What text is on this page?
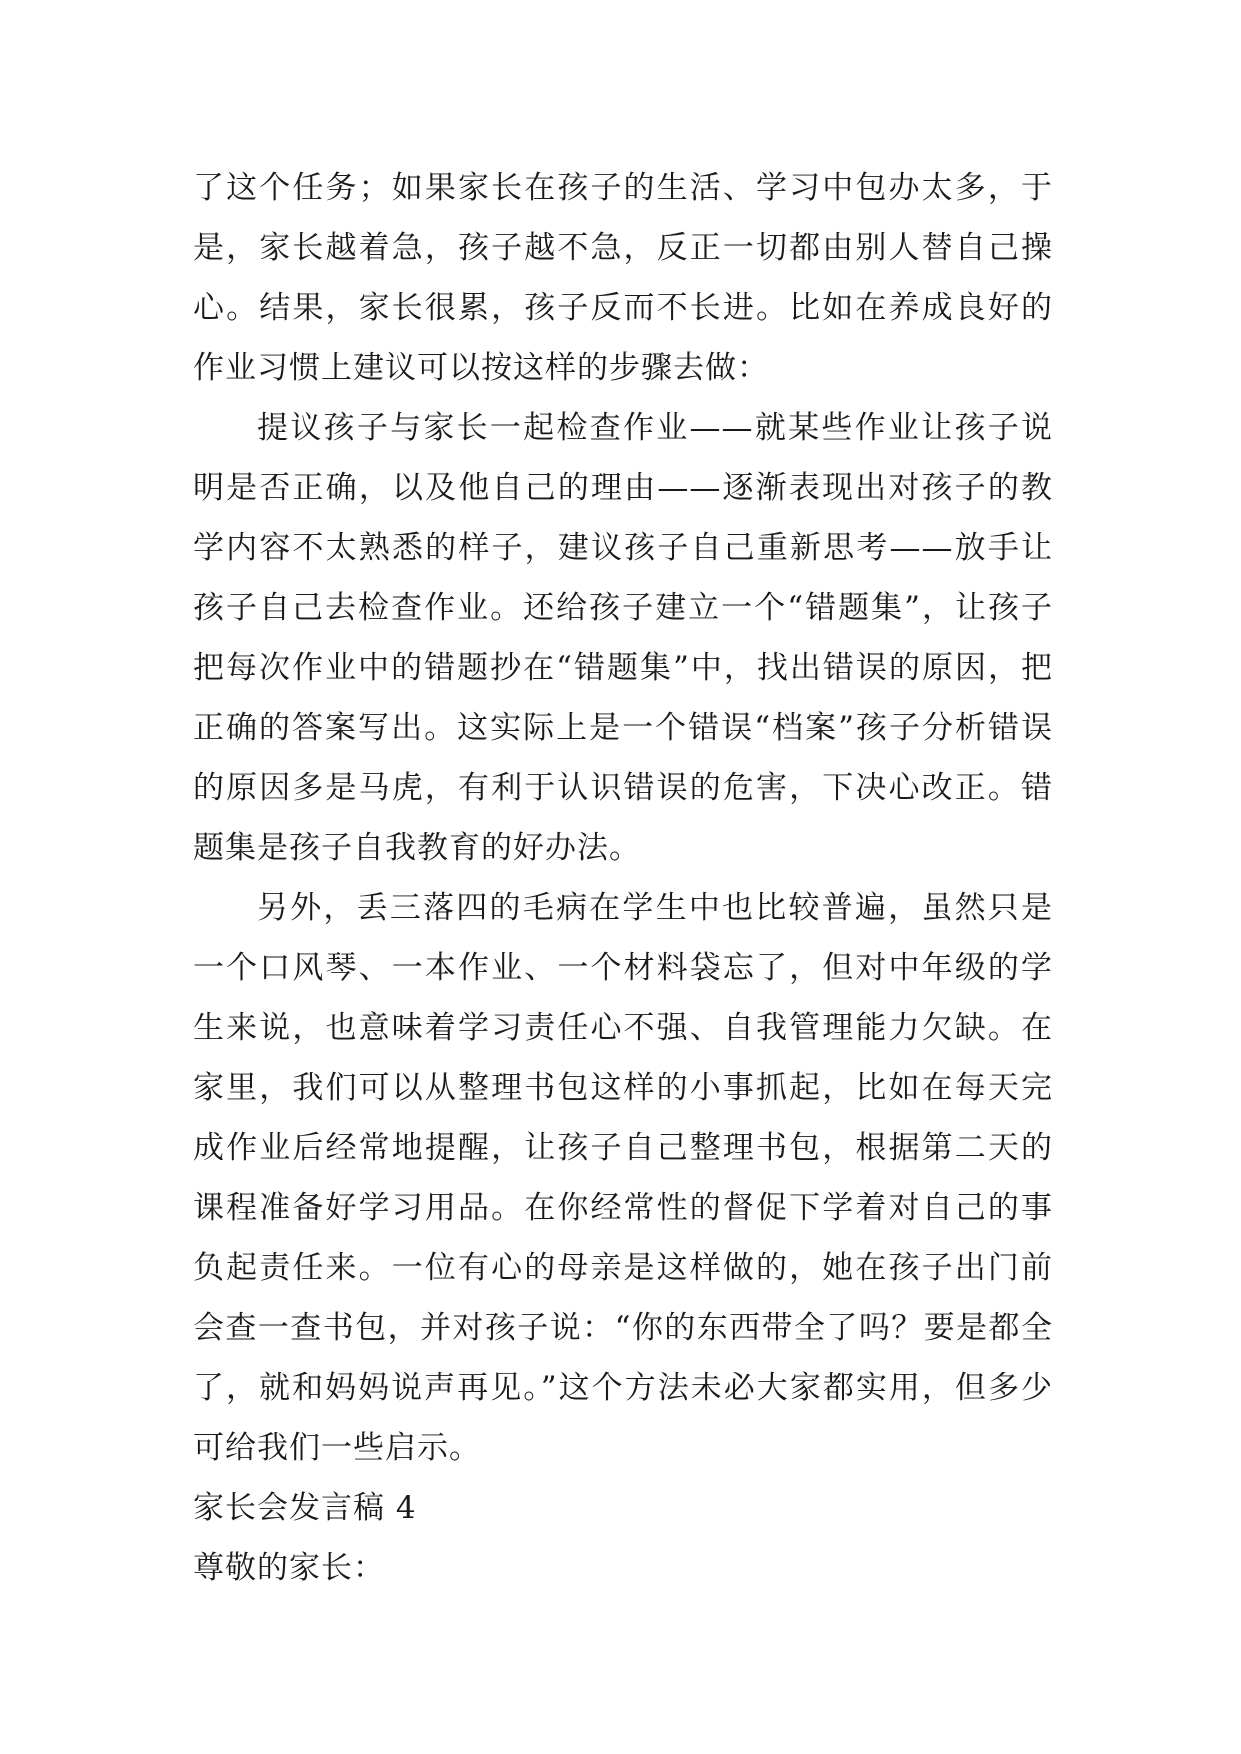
了这个任务；如果家长在孩子的生活、学习中包办太多，于是，家长越着急，孩子越不急，反正一切都由别人替自己操心。结果，家长很累，孩子反而不长进。比如在养成良好的作业习惯上建议可以按这样的步骤去做：

提议孩子与家长一起检查作业——就某些作业让孩子说明是否正确，以及他自己的理由——逐渐表现出对孩子的教学内容不太熟悉的样子，建议孩子自己重新思考——放手让孩子自己去检查作业。还给孩子建立一个“错题集”，让孩子把每次作业中的错题抄在“错题集”中，找出错误的原因，把正确的答案写出。这实际上是一个错误“档案”孩子分析错误的原因多是马虎，有利于认识错误的危害，下决心改正。错题集是孩子自我教育的好办法。

另外，丢三落四的毛病在学生中也比较普遍，虽然只是一个口风琴、一本作业、一个材料袋忘了，但对中年级的学生来说，也意味着学习责任心不强、自我管理能力欠缺。在家里，我们可以从整理书包这样的小事抓起，比如在每天完成作业后经常地提醒，让孩子自己整理书包，根据第二天的课程准备好学习用品。在你经常性的督促下学着对自己的事负起责任来。一位有心的母亲是这样做的，她在孩子出门前会查一查书包，并对孩子说：“你的东西带全了吗？要是都全了，就和妈妈说声再见。”这个方法未必大家都实用，但多少可给我们一些启示。

家长会发言稿 4

尊敬的家长：
